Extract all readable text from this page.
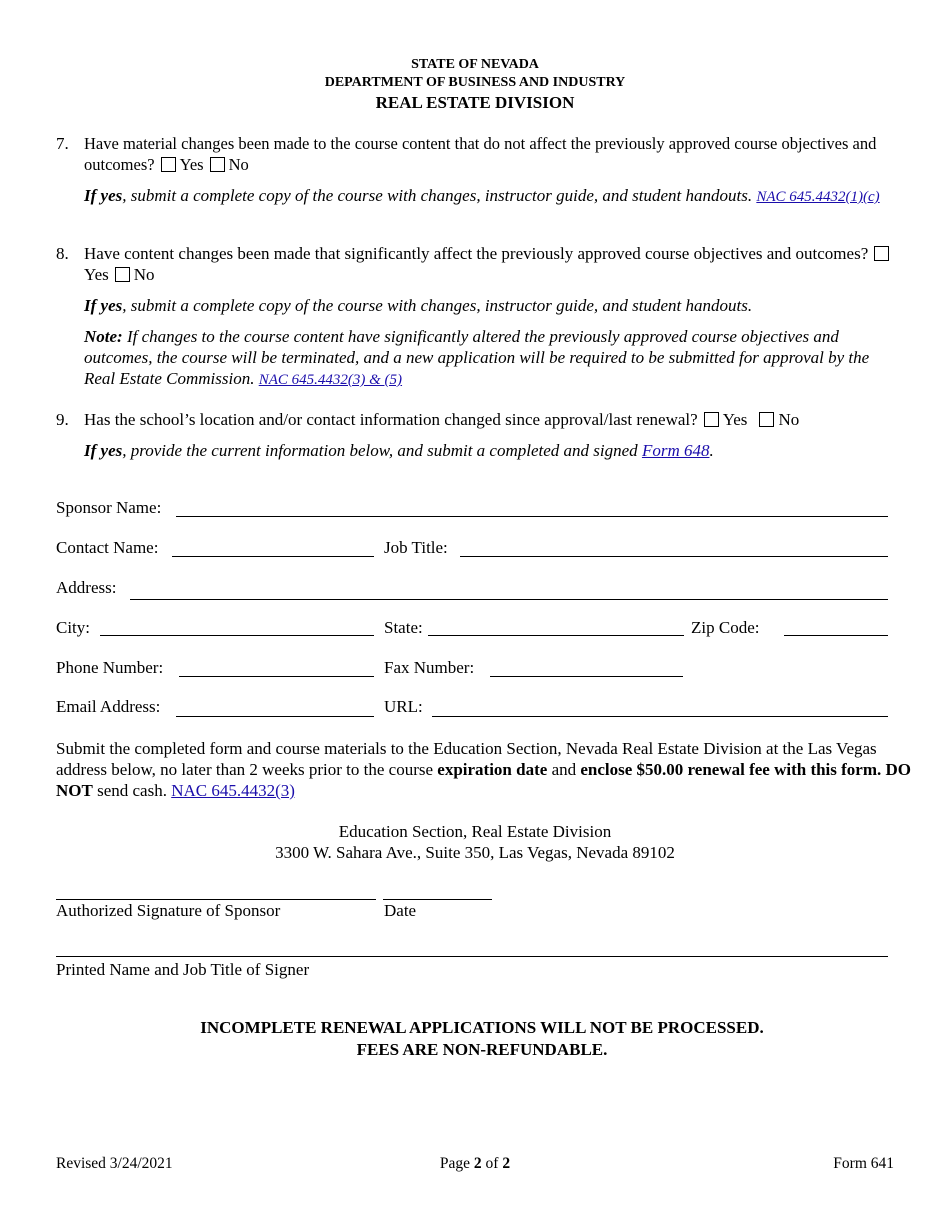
STATE OF NEVADA
DEPARTMENT OF BUSINESS AND INDUSTRY
REAL ESTATE DIVISION
7. Have material changes been made to the course content that do not affect the previously approved course objectives and outcomes? Yes No
If yes, submit a complete copy of the course with changes, instructor guide, and student handouts. NAC 645.4432(1)(c)
8. Have content changes been made that significantly affect the previously approved course objectives and outcomes?Yes No
If yes, submit a complete copy of the course with changes, instructor guide, and student handouts.
Note: If changes to the course content have significantly altered the previously approved course objectives and outcomes, the course will be terminated, and a new application will be required to be submitted for approval by the Real Estate Commission. NAC 645.4432(3) & (5)
9. Has the school’s location and/or contact information changed since approval/last renewal? Yes No
If yes, provide the current information below, and submit a completed and signed Form 648.
Sponsor Name:
Contact Name:	Job Title:
Address:
City:	State:	Zip Code:
Phone Number:	Fax Number:
Email Address:	URL:
Submit the completed form and course materials to the Education Section, Nevada Real Estate Division at the Las Vegas address below, no later than 2 weeks prior to the course expiration date and enclose $50.00 renewal fee with this form. DO NOT send cash. NAC 645.4432(3)
Education Section, Real Estate Division
3300 W. Sahara Ave., Suite 350, Las Vegas, Nevada 89102
Authorized Signature of Sponsor	Date
Printed Name and Job Title of Signer
INCOMPLETE RENEWAL APPLICATIONS WILL NOT BE PROCESSED.
FEES ARE NON-REFUNDABLE.
Revised 3/24/2021	Page 2 of 2	Form 641
